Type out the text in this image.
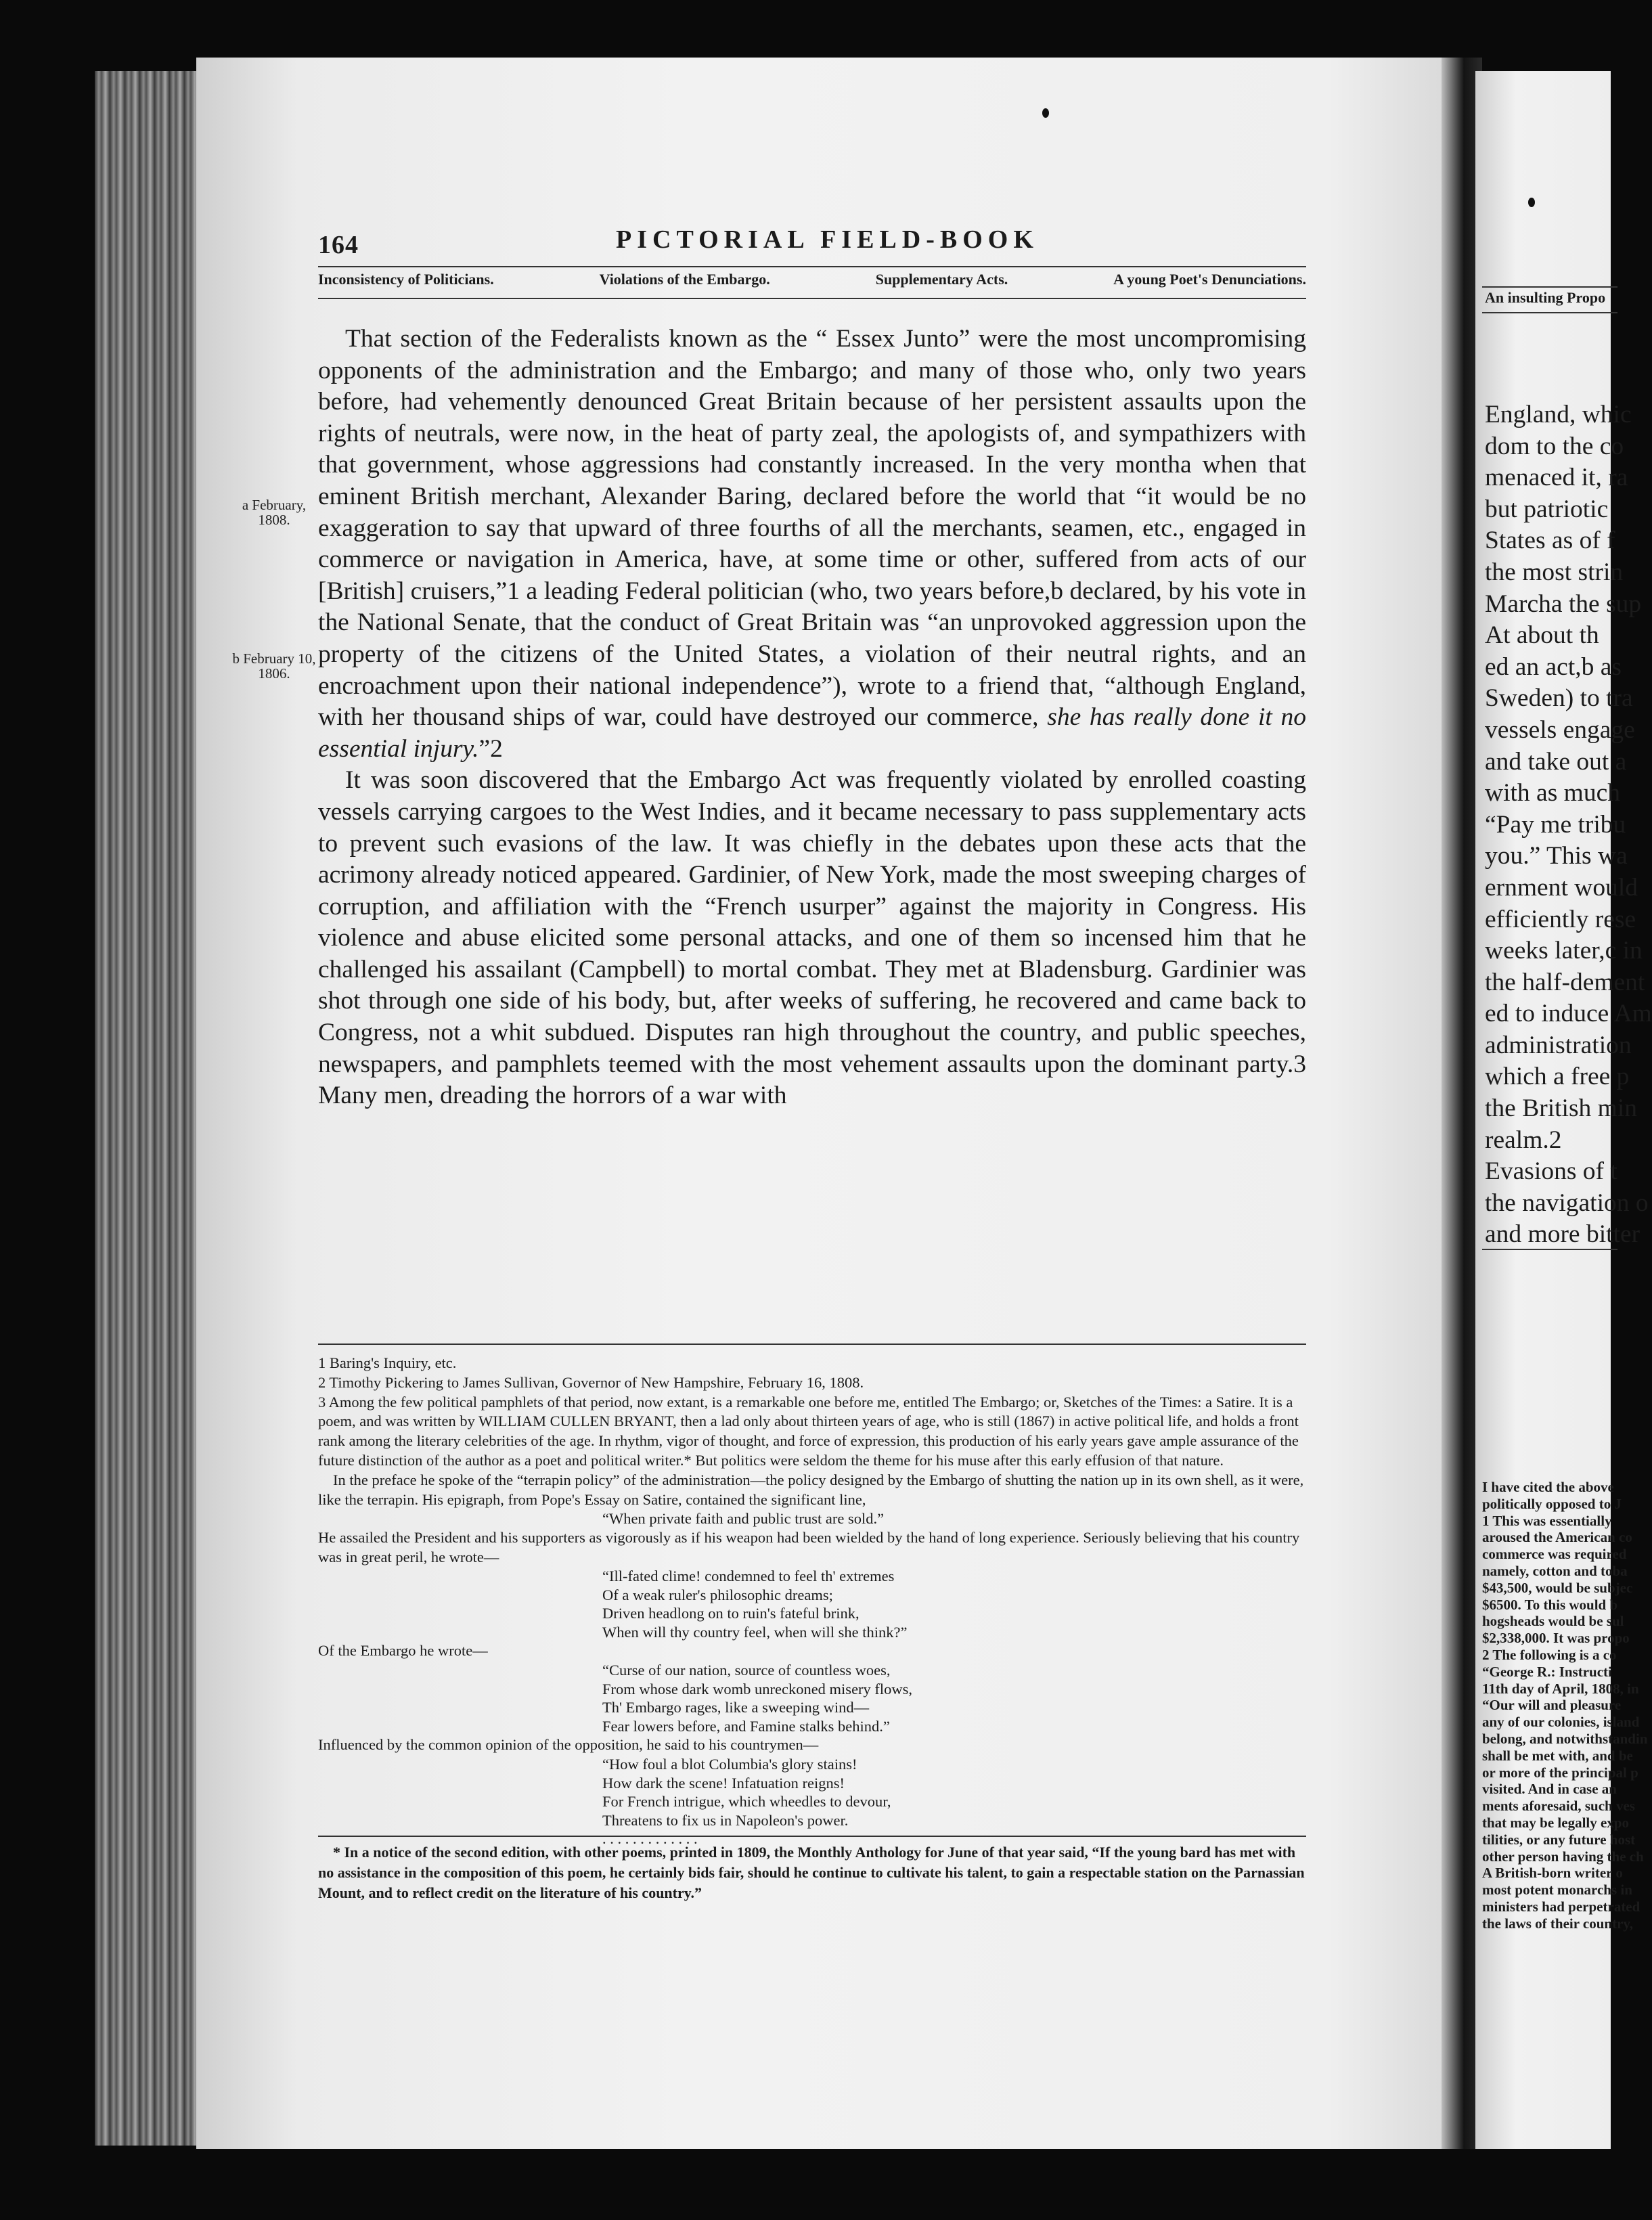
An insulting Propo
England, whic
dom to the co
menaced it, ra
but patriotic
States as of f
the most strin
Marcha the sup
At about th
ed an act,b as
Sweden) to tra
vessels engage
and take out a
with as much
“Pay me tribu
you.” This wa
ernment would
efficiently rese
weeks later,c in
the half-dement
ed to induce Am
administration
which a free p
the British min
realm.2
Evasions of t
the navigation o
and more bitter
I have cited the above
politically opposed to J
1 This was essentially
aroused the American co
commerce was required
namely, cotton and toba
$43,500, would be subjec
$6500. To this would b
hogsheads would be sul
$2,338,000. It was propo
2 The following is a co
“George R.: Instructi
11th day of April, 1808, in
“Our will and pleasure
any of our colonies, island
belong, and notwithstandin
shall be met with, and be
or more of the principal p
visited. And in case an
ments aforesaid, such ves
that may be legally expo
tilities, or any future host
other person having the ch
A British-born writer o
most potent monarchs in
ministers had perpetrated
the laws of their country,
164	PICTORIAL FIELD-BOOK
Inconsistency of Politicians.	Violations of the Embargo.	Supplementary Acts.	A young Poet's Denunciations.
a February, 1808.
b February 10, 1806.

That section of the Federalists known as the “ Essex Junto” were the most uncompromising opponents of the administration and the Embargo; and many of those who, only two years before, had vehemently denounced Great Britain because of her persistent assaults upon the rights of neutrals, were now, in the heat of party zeal, the apologists of, and sympathizers with that government, whose aggressions had constantly increased. In the very montha when that eminent British merchant, Alexander Baring, declared before the world that “it would be no exaggeration to say that upward of three fourths of all the merchants, seamen, etc., engaged in commerce or navigation in America, have, at some time or other, suffered from acts of our [British] cruisers,”1 a leading Federal politician (who, two years before,b declared, by his vote in the National Senate, that the conduct of Great Britain was “an unprovoked aggression upon the property of the citizens of the United States, a violation of their neutral rights, and an encroachment upon their national independence”), wrote to a friend that, “although England, with her thousand ships of war, could have destroyed our commerce, she has really done it no essential injury.”2

It was soon discovered that the Embargo Act was frequently violated by enrolled coasting vessels carrying cargoes to the West Indies, and it became necessary to pass supplementary acts to prevent such evasions of the law. It was chiefly in the debates upon these acts that the acrimony already noticed appeared. Gardinier, of New York, made the most sweeping charges of corruption, and affiliation with the “French usurper” against the majority in Congress. His violence and abuse elicited some personal attacks, and one of them so incensed him that he challenged his assailant (Campbell) to mortal combat. They met at Bladensburg. Gardinier was shot through one side of his body, but, after weeks of suffering, he recovered and came back to Congress, not a whit subdued. Disputes ran high throughout the country, and public speeches, newspapers, and pamphlets teemed with the most vehement assaults upon the dominant party.3 Many men, dreading the horrors of a war with

1 Baring's Inquiry, etc.

2 Timothy Pickering to James Sullivan, Governor of New Hampshire, February 16, 1808.

3 Among the few political pamphlets of that period, now extant, is a remarkable one before me, entitled The Embargo; or, Sketches of the Times: a Satire. It is a poem, and was written by WILLIAM CULLEN BRYANT, then a lad only about thirteen years of age, who is still (1867) in active political life, and holds a front rank among the literary celebrities of the age. In rhythm, vigor of thought, and force of expression, this production of his early years gave ample assurance of the future distinction of the author as a poet and political writer.* But politics were seldom the theme for his muse after this early effusion of that nature.

In the preface he spoke of the “terrapin policy” of the administration—the policy designed by the Embargo of shutting the nation up in its own shell, as it were, like the terrapin. His epigraph, from Pope's Essay on Satire, contained the significant line,

“When private faith and public trust are sold.”

He assailed the President and his supporters as vigorously as if his weapon had been wielded by the hand of long experience. Seriously believing that his country was in great peril, he wrote—

“Ill-fated clime! condemned to feel th' extremes
Of a weak ruler's philosophic dreams;
Driven headlong on to ruin's fateful brink,
When will thy country feel, when will she think?”

Of the Embargo he wrote—

“Curse of our nation, source of countless woes,
From whose dark womb unreckoned misery flows,
Th' Embargo rages, like a sweeping wind—
Fear lowers before, and Famine stalks behind.”

Influenced by the common opinion of the opposition, he said to his countrymen—

“How foul a blot Columbia's glory stains!
How dark the scene! Infatuation reigns!
For French intrigue, which wheedles to devour,
Threatens to fix us in Napoleon's power.
. . . . . . . . . . . . .
* In a notice of the second edition, with other poems, printed in 1809, the Monthly Anthology for June of that year said, “If the young bard has met with no assistance in the composition of this poem, he certainly bids fair, should he continue to cultivate his talent, to gain a respectable station on the Parnassian Mount, and to reflect credit on the literature of his country.”
